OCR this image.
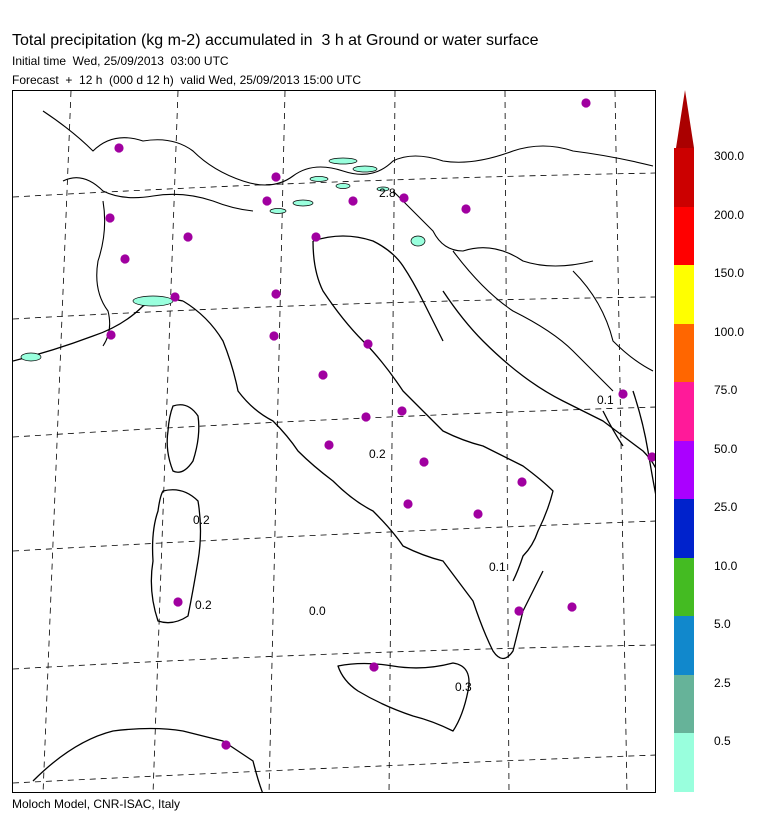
Total precipitation (kg m-2) accumulated in  3 h at Ground or water surface
Initial time  Wed, 25/09/2013  03:00 UTC
Forecast  +  12 h  (000 d 12 h)  valid Wed, 25/09/2013 15:00 UTC
2.8
0.1
0.2
0.2
0.1
0.2	0.0
0.3
300.0
200.0
150.0
100.0
75.0
50.0
25.0
10.0
5.0
2.5
0.5
Moloch Model, CNR-ISAC, Italy
